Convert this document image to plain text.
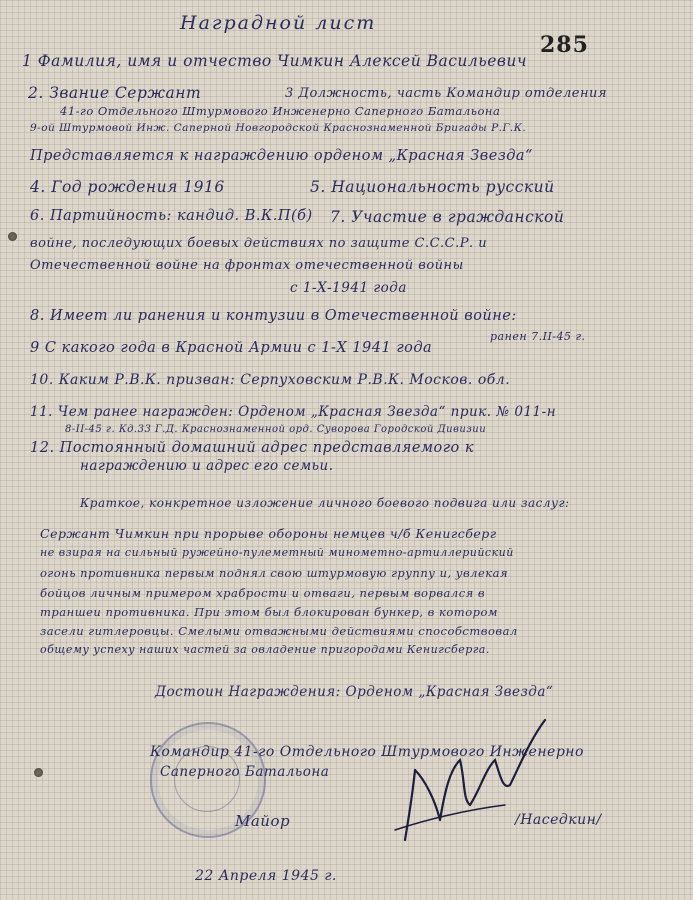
Наградной лист
285
1 Фамилия, имя и отчество Чимкин Алексей Васильевич
2. Звание Сержант	3 Должность, часть Командир отделения
41-го Отдельного Штурмового Инженерно Саперного Батальона
9-ой Штурмовой Инж. Саперной Новгородской Краснознаменной Бригады Р.Г.К.
Представляется к награждению орденом „Красная Звезда“
4. Год рождения 1916	5. Национальность русский
6. Партийность: кандид. В.К.П(б) 7. Участие в гражданской
войне, последующих боевых действиях по защите С.С.С.Р. и
Отечественной войне на фронтах отечественной войны
с 1-Х-1941 года
8. Имеет ли ранения и контузии в Отечественной войне:
ранен 7.II-45 г.
9 С какого года в Красной Армии с 1-Х 1941 года
10. Каким Р.В.К. призван: Серпуховским Р.В.К. Москов. обл.
11. Чем ранее награжден: Орденом „Красная Звезда“ прик. № 011-н
8-II-45 г. Кд.33 Г.Д. Краснознаменной орд. Суворова Городской Дивизии
12. Постоянный домашний адрес представляемого к
награждению и адрес его семьи.
Краткое, конкретное изложение личного боевого подвига или заслуг:
Сержант Чимкин при прорыве обороны немцев ч/б Кенигсберг
не взирая на сильный ружейно-пулеметный минометно-артиллерийский
огонь противника первым поднял свою штурмовую группу и, увлекая
бойцов личным примером храбрости и отваги, первым ворвался в
траншеи противника. При этом был блокирован бункер, в котором
засели гитлеровцы. Смелыми отважными действиями способствовал
общему успеху наших частей за овладение пригородами Кенигсберга.
Достоин Награждения: Орденом „Красная Звезда“
Командир 41-го Отдельного Штурмового Инженерно
Саперного Батальона
Майор	/Наседкин/
22 Апреля 1945 г.
